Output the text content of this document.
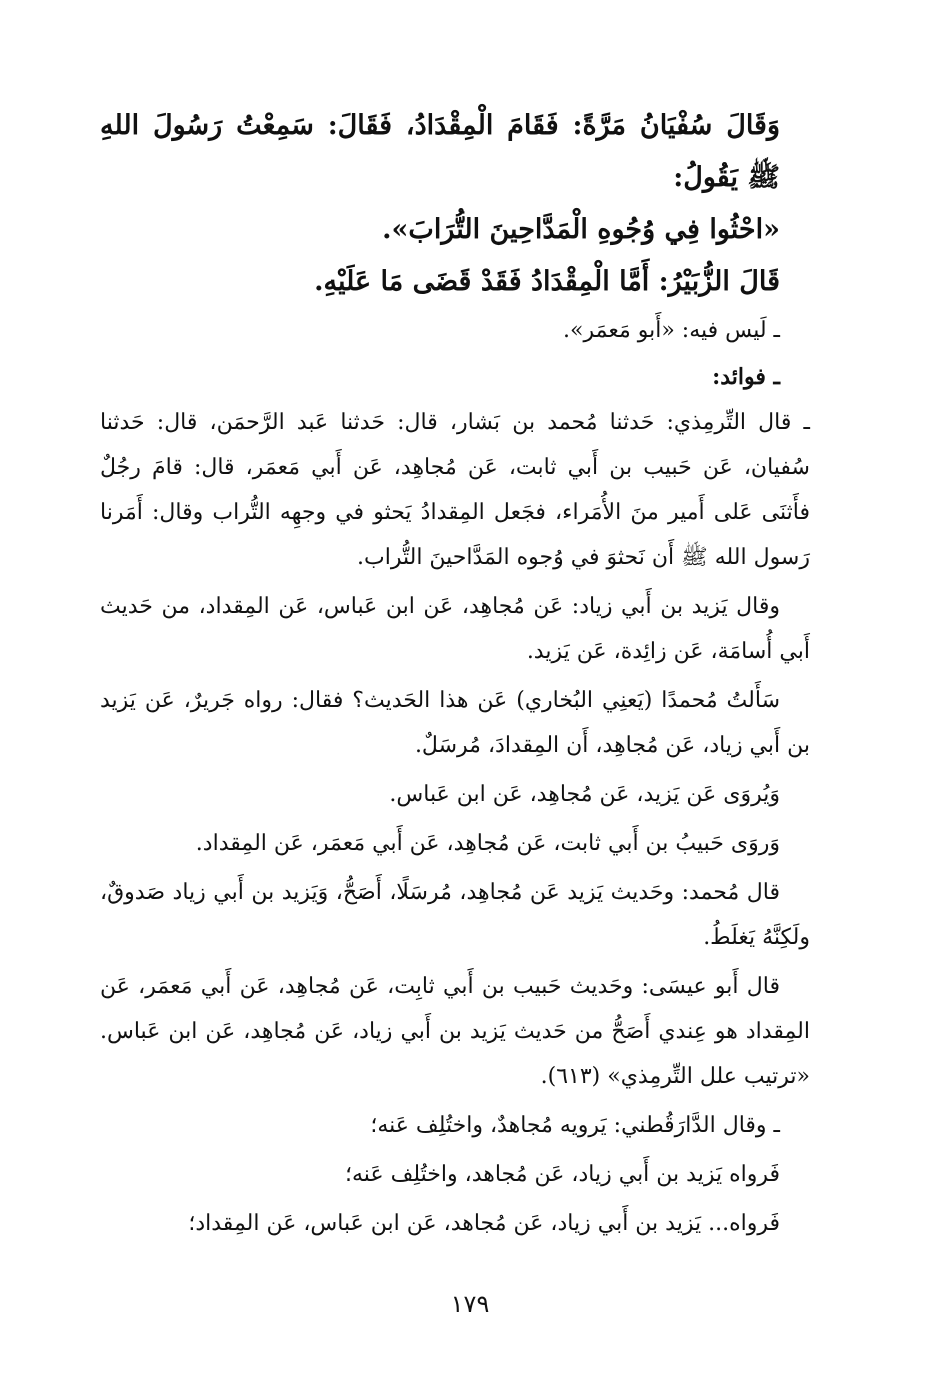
وَقَالَ سُفْيَانُ مَرَّةً: فَقَامَ الْمِقْدَادُ، فَقَالَ: سَمِعْتُ رَسُولَ اللهِ ﷺ يَقُولُ:
«احْثُوا فِي وُجُوهِ الْمَدَّاحِينَ التُّرَابَ».
قَالَ الزُّبَيْرُ: أَمَّا الْمِقْدَادُ فَقَدْ قَضَى مَا عَلَيْهِ.
ـ لَيس فيه: «أَبو مَعمَر».
ـ فوائد:

ـ قال التِّرمِذي: حَدثنا مُحمد بن بَشار، قال: حَدثنا عَبد الرَّحمَن، قال: حَدثنا سُفيان، عَن حَبيب بن أَبي ثابت، عَن مُجاهِد، عَن أَبي مَعمَر، قال: قامَ رجُلٌ فأَثنَى عَلى أَمير منَ الأُمَراء، فجَعل المِقدادُ يَحثو في وجهِه التُّراب وقال: أَمَرنا رَسول الله ﷺ أَن نَحثوَ في وُجوه المَدَّاحينَ التُّراب.

وقال يَزيد بن أَبي زياد: عَن مُجاهِد، عَن ابن عَباس، عَن المِقداد، من حَديث أَبي أُسامَة، عَن زائِدة، عَن يَزيد.

سَأَلتُ مُحمدًا (يَعنِي البُخاري) عَن هذا الحَديث؟ فقال: رواه جَريرٌ، عَن يَزيد بن أَبي زياد، عَن مُجاهِد، أَن المِقدادَ، مُرسَلٌ.

وَيُروَى عَن يَزيد، عَن مُجاهِد، عَن ابن عَباس.

وَروَى حَبيبُ بن أَبي ثابت، عَن مُجاهِد، عَن أَبي مَعمَر، عَن المِقداد.

قال مُحمد: وحَديث يَزيد عَن مُجاهِد، مُرسَلًا، أَصَحُّ، وَيَزيد بن أَبي زياد صَدوقٌ، ولَكِنَّهُ يَغلَطُ.

قال أَبو عيسَى: وحَديث حَبيب بن أَبي ثابِت، عَن مُجاهِد، عَن أَبي مَعمَر، عَن المِقداد هو عِندي أَصَحُّ من حَديث يَزيد بن أَبي زياد، عَن مُجاهِد، عَن ابن عَباس. «ترتيب علل التِّرمِذي» (٦١٣).

ـ وقال الدَّارَقُطني: يَرويه مُجاهدٌ، واختُلِف عَنه؛

فَرواه يَزيد بن أَبي زياد، عَن مُجاهد، واختُلِف عَنه؛

فَرواه... يَزيد بن أَبي زياد، عَن مُجاهد، عَن ابن عَباس، عَن المِقداد؛

١٧٩
